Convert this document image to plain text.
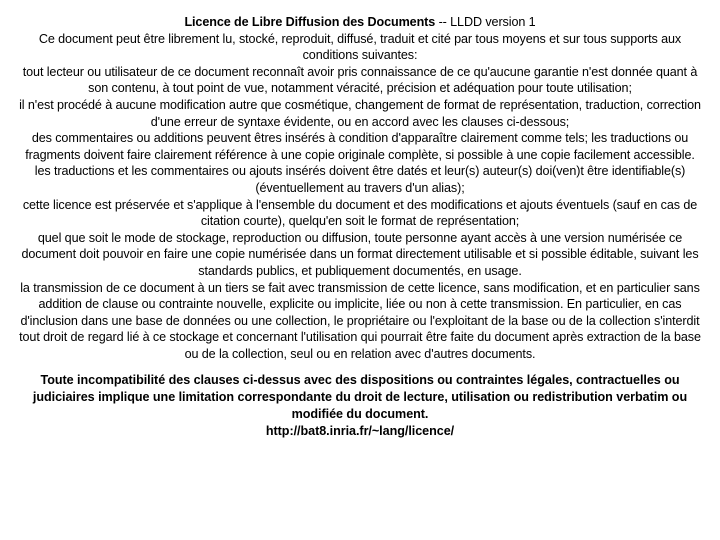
Licence de Libre Diffusion des Documents -- LLDD version 1

Ce document peut être librement lu, stocké, reproduit, diffusé, traduit et cité par tous moyens et sur tous supports aux conditions suivantes:

tout lecteur ou utilisateur de ce document reconnaît avoir pris connaissance de ce qu'aucune garantie n'est donnée quant à son contenu, à tout point de vue, notamment véracité, précision et adéquation pour toute utilisation;

il n'est procédé à aucune modification autre que cosmétique, changement de format de représentation, traduction, correction d'une erreur de syntaxe évidente, ou en accord avec les clauses ci-dessous;

des commentaires ou additions peuvent êtres insérés à condition d'apparaître clairement comme tels; les traductions ou fragments doivent faire clairement référence à une copie originale complète, si possible à une copie facilement accessible.

les traductions et les commentaires ou ajouts insérés doivent être datés et leur(s) auteur(s) doi(ven)t être identifiable(s) (éventuellement au travers d'un alias);

cette licence est préservée et s'applique à l'ensemble du document et des modifications et ajouts éventuels (sauf en cas de citation courte), quelqu'en soit le format de représentation;

quel que soit le mode de stockage, reproduction ou diffusion, toute personne ayant accès à une version numérisée ce document doit pouvoir en faire une copie numérisée dans un format directement utilisable et si possible éditable, suivant les standards publics, et publiquement documentés, en usage.

la transmission de ce document à un tiers se fait avec transmission de cette licence, sans modification, et en particulier sans addition de clause ou contrainte nouvelle, explicite ou implicite, liée ou non à cette transmission. En particulier, en cas d'inclusion dans une base de données ou une collection, le propriétaire ou l'exploitant de la base ou de la collection s'interdit tout droit de regard lié à ce stockage et concernant l'utilisation qui pourrait être faite du document après extraction de la base ou de la collection, seul ou en relation avec d'autres documents.

Toute incompatibilité des clauses ci-dessus avec des dispositions ou contraintes légales, contractuelles ou judiciaires implique une limitation correspondante du droit de lecture, utilisation ou redistribution verbatim ou modifiée du document.

http://bat8.inria.fr/~lang/licence/
